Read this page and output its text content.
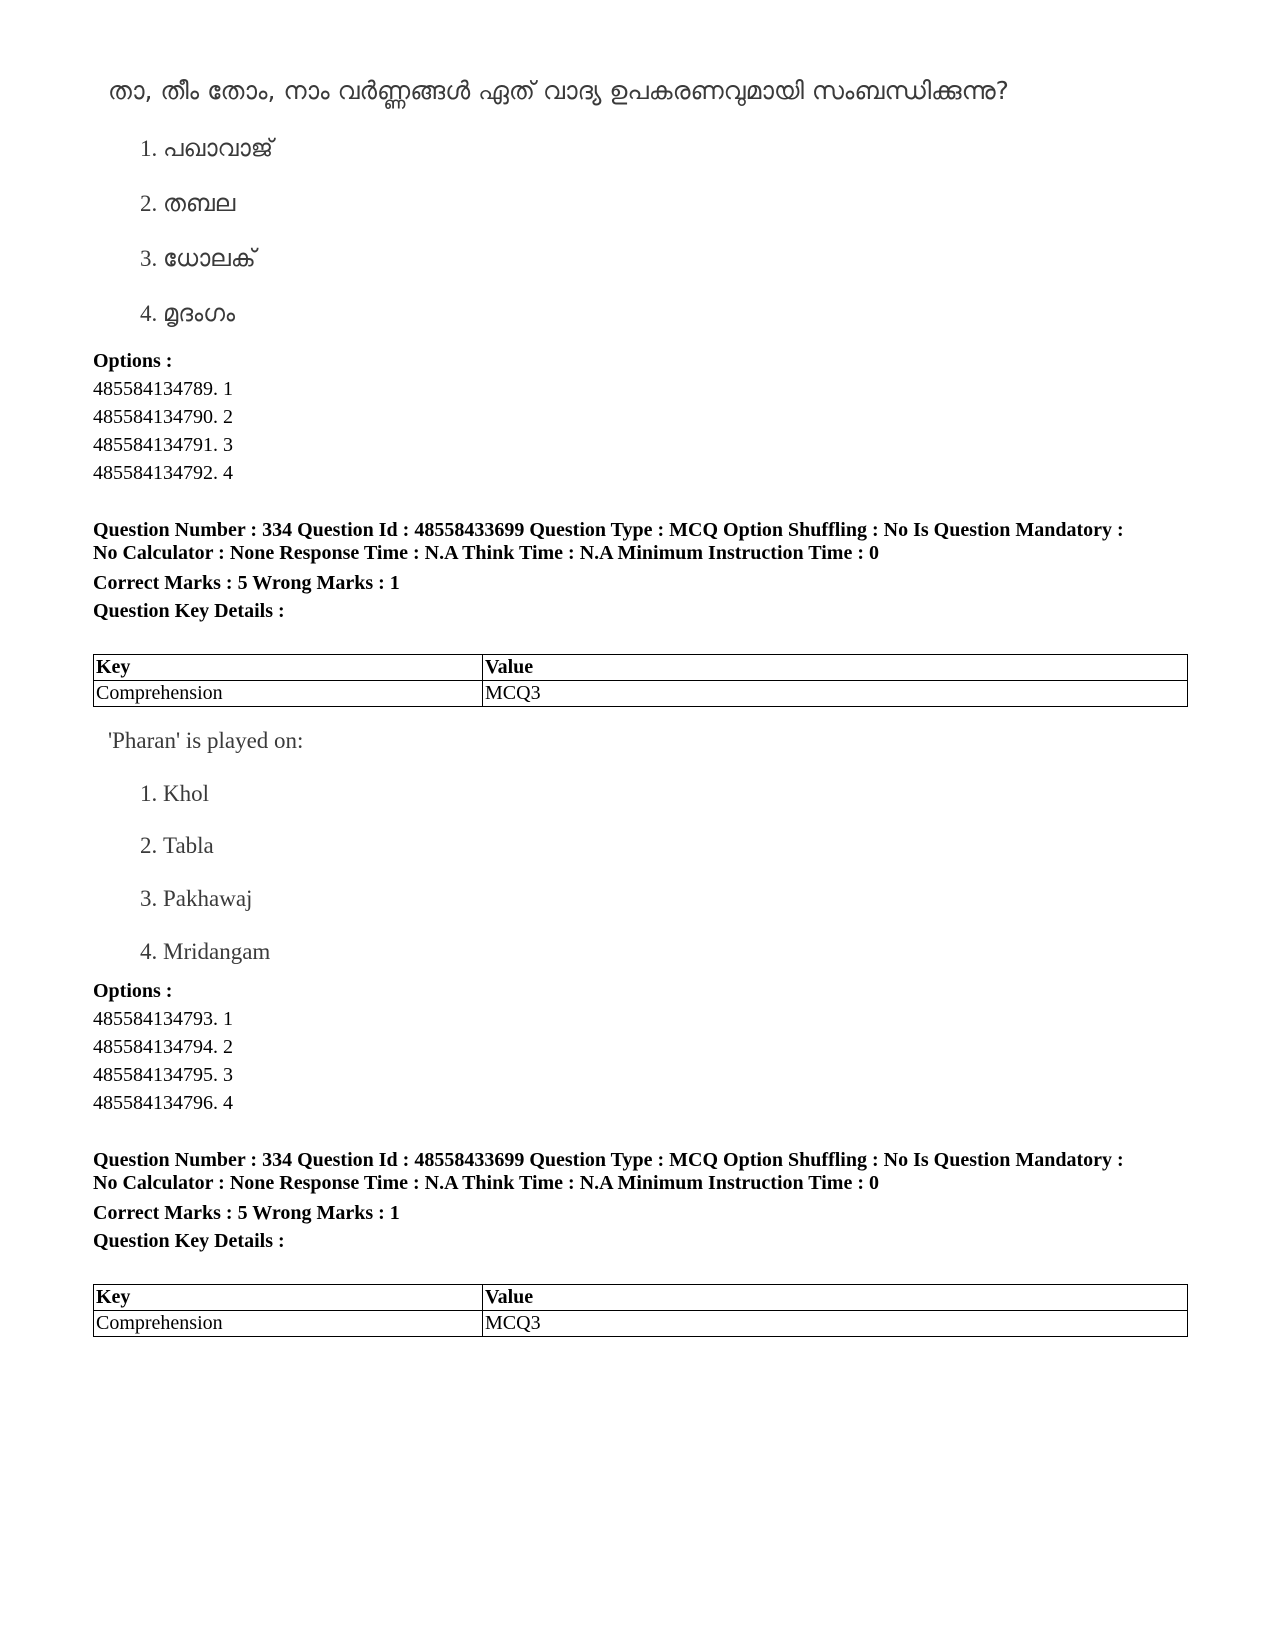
താ, തീം തോം, നാം വർണ്ണങ്ങൾ ഏത് വാദ്യ ഉപകരണവുമായി സംബന്ധിക്കുന്നു?
1. പഖാവാജ്
2. തബല
3. ധോലക്
4. മൃദംഗം
Options :
485584134789. 1
485584134790. 2
485584134791. 3
485584134792. 4
Question Number : 334 Question Id : 48558433699 Question Type : MCQ Option Shuffling : No Is Question Mandatory :
No Calculator : None Response Time : N.A Think Time : N.A Minimum Instruction Time : 0
Correct Marks : 5 Wrong Marks : 1
Question Key Details :
Key	Value
Comprehension	MCQ3
'Pharan' is played on:
1. Khol
2. Tabla
3. Pakhawaj
4. Mridangam
Options :
485584134793. 1
485584134794. 2
485584134795. 3
485584134796. 4
Question Number : 334 Question Id : 48558433699 Question Type : MCQ Option Shuffling : No Is Question Mandatory :
No Calculator : None Response Time : N.A Think Time : N.A Minimum Instruction Time : 0
Correct Marks : 5 Wrong Marks : 1
Question Key Details :
Key	Value
Comprehension	MCQ3
